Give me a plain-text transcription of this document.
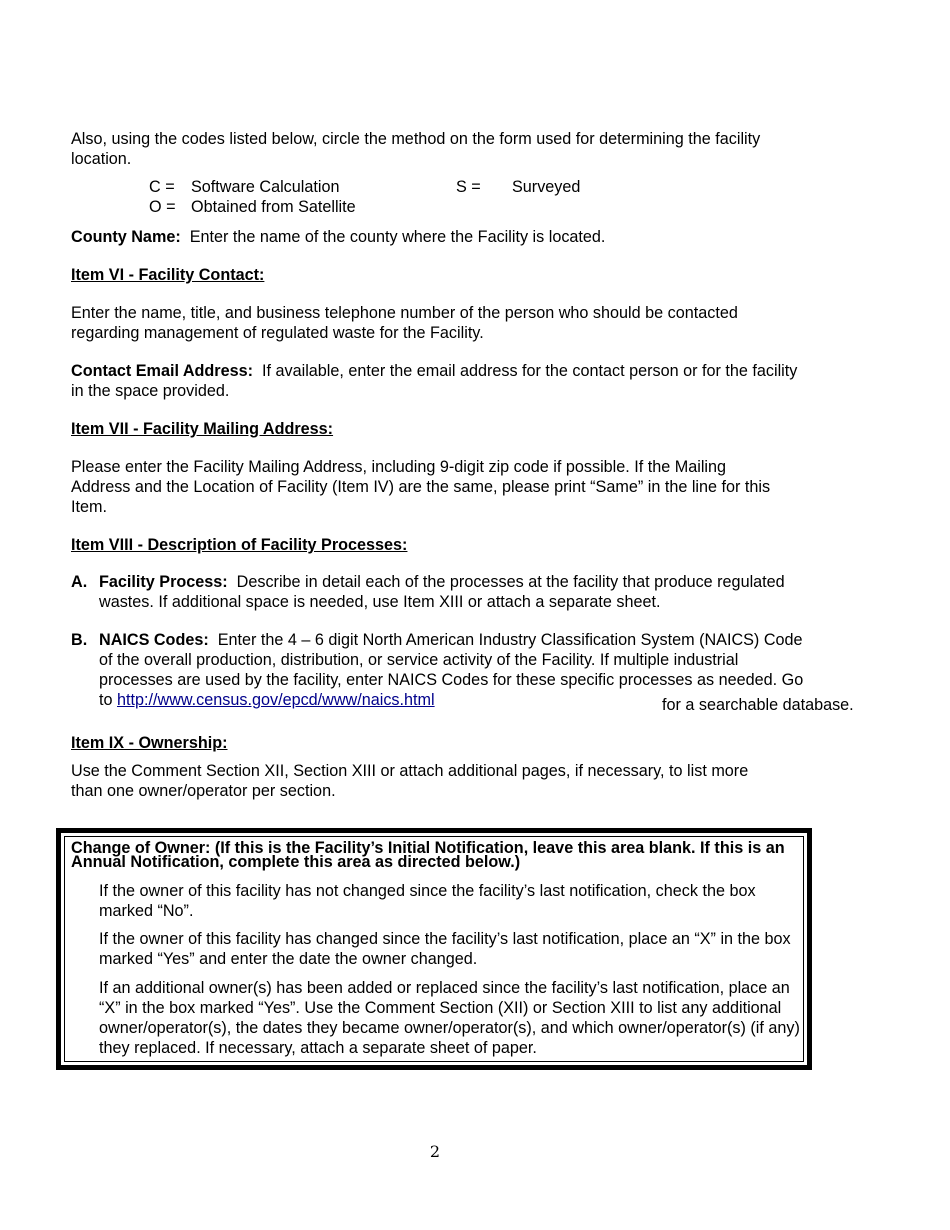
Also, using the codes listed below, circle the method on the form used for determining the facility location.

C = Software Calculation	S = Surveyed
O = Obtained from Satellite

County Name: Enter the name of the county where the Facility is located.

Item VI - Facility Contact:

Enter the name, title, and business telephone number of the person who should be contacted regarding management of regulated waste for the Facility.

Contact Email Address: If available, enter the email address for the contact person or for the facility in the space provided.

Item VII - Facility Mailing Address:

Please enter the Facility Mailing Address, including 9-digit zip code if possible. If the Mailing Address and the Location of Facility (Item IV) are the same, please print “Same” in the line for this Item.

Item VIII - Description of Facility Processes:

A. Facility Process: Describe in detail each of the processes at the facility that produce regulated wastes. If additional space is needed, use Item XIII or attach a separate sheet.

B. NAICS Codes: Enter the 4 – 6 digit North American Industry Classification System (NAICS) Code of the overall production, distribution, or service activity of the Facility. If multiple industrial processes are used by the facility, enter NAICS Codes for these specific processes as needed. Go to http://www.census.gov/epcd/www/naics.html	for a searchable database.

Item IX - Ownership:

Use the Comment Section XII, Section XIII or attach additional pages, if necessary, to list more than one owner/operator per section.

Change of Owner: (If this is the Facility’s Initial Notification, leave this area blank. If this is an Annual Notification, complete this area as directed below.)

If the owner of this facility has not changed since the facility’s last notification, check the box marked “No”.

If the owner of this facility has changed since the facility’s last notification, place an “X” in the box marked “Yes” and enter the date the owner changed.

If an additional owner(s) has been added or replaced since the facility’s last notification, place an “X” in the box marked “Yes”. Use the Comment Section (XII) or Section XIII to list any additional owner/operator(s), the dates they became owner/operator(s), and which owner/operator(s) (if any) they replaced. If necessary, attach a separate sheet of paper.

2
